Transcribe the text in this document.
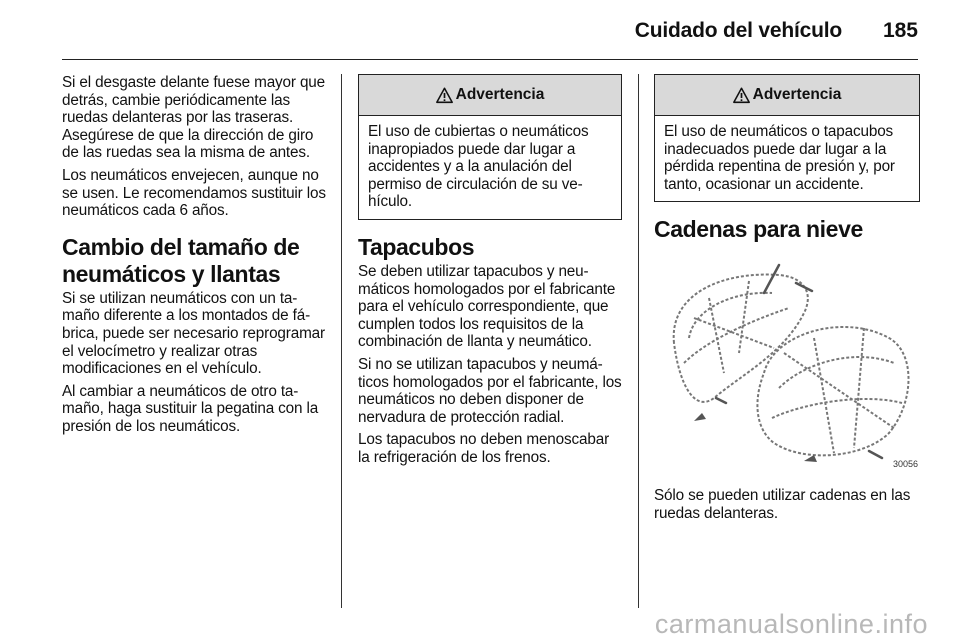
Cuidado del vehículo 185

Si el desgaste delante fuese mayor que detrás, cambie periódicamente las ruedas delanteras por las traseras. Asegúrese de que la dirección de giro de las ruedas sea la misma de antes.

Los neumáticos envejecen, aunque no se usen. Le recomendamos sustituir los neumáticos cada 6 años.

Cambio del tamaño de neumáticos y llantas

Si se utilizan neumáticos con un tamaño diferente a los montados de fábrica, puede ser necesario reprogramar el velocímetro y realizar otras modificaciones en el vehículo.

Al cambiar a neumáticos de otro tamaño, haga sustituir la pegatina con la presión de los neumáticos.

Advertencia
El uso de cubiertas o neumáticos inapropiados puede dar lugar a accidentes y a la anulación del permiso de circulación de su vehículo.
Tapacubos

Se deben utilizar tapacubos y neumáticos homologados por el fabricante para el vehículo correspondiente, que cumplen todos los requisitos de la combinación de llanta y neumático.

Si no se utilizan tapacubos y neumáticos homologados por el fabricante, los neumáticos no deben disponer de nervadura de protección radial.

Los tapacubos no deben menoscabar la refrigeración de los frenos.

Advertencia
El uso de neumáticos o tapacubos inadecuados puede dar lugar a la pérdida repentina de presión y, por tanto, ocasionar un accidente.
Cadenas para nieve
30056

Sólo se pueden utilizar cadenas en las ruedas delanteras.

carmanualsonline.info
